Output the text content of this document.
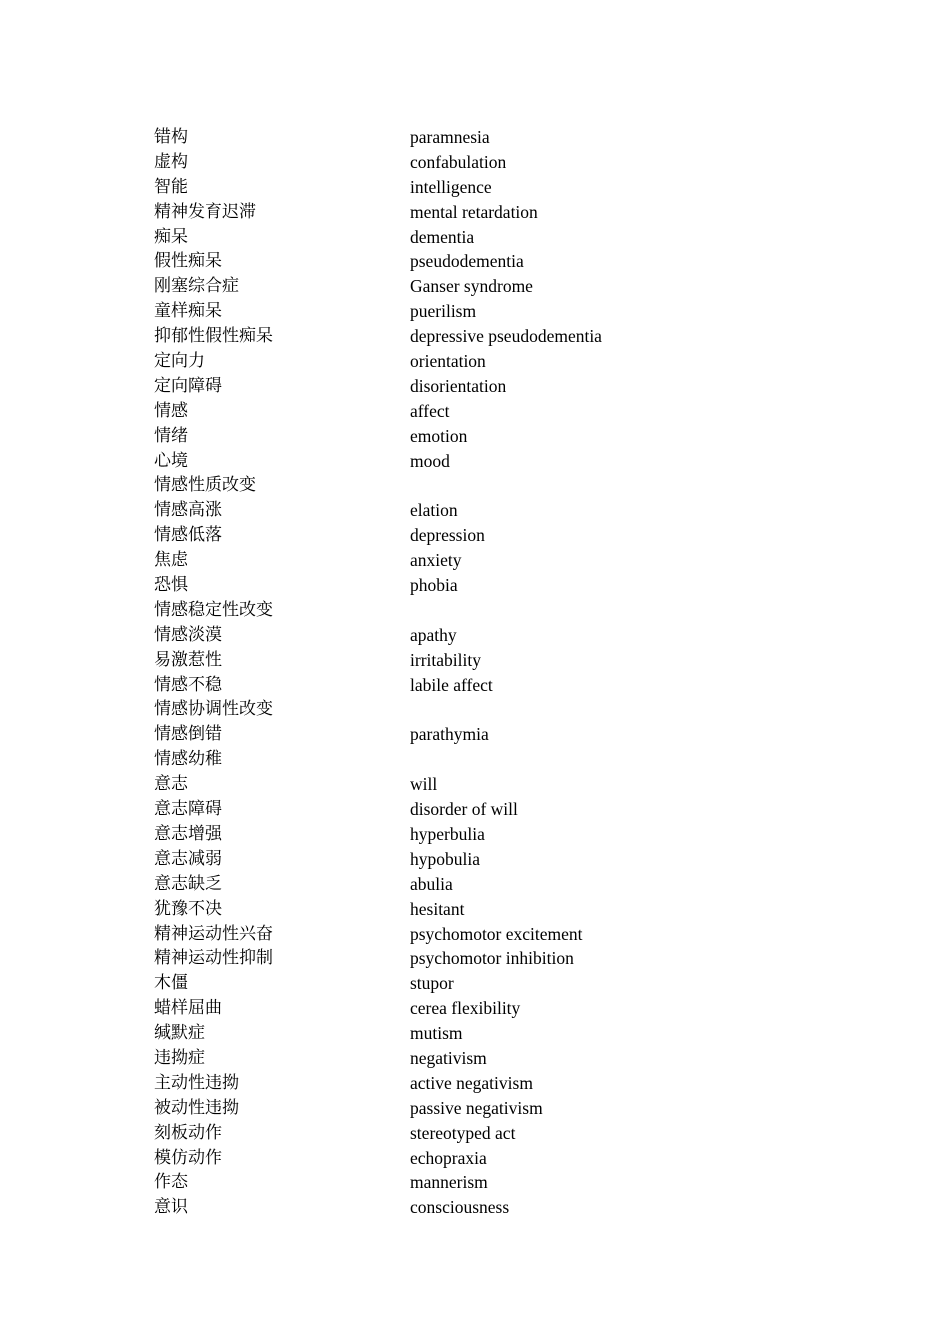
错构	paramnesia
虚构	confabulation
智能	intelligence
精神发育迟滞	mental retardation
痴呆	dementia
假性痴呆	pseudodementia
刚塞综合症	Ganser syndrome
童样痴呆	puerilism
抑郁性假性痴呆	depressive pseudodementia
定向力	orientation
定向障碍	disorientation
情感	affect
情绪	emotion
心境	mood
情感性质改变
情感高涨	elation
情感低落	depression
焦虑	anxiety
恐惧	phobia
情感稳定性改变
情感淡漠	apathy
易激惹性	irritability
情感不稳	labile affect
情感协调性改变
情感倒错	parathymia
情感幼稚
意志	will
意志障碍	disorder of will
意志增强	hyperbulia
意志减弱	hypobulia
意志缺乏	abulia
犹豫不决	hesitant
精神运动性兴奋	psychomotor excitement
精神运动性抑制	psychomotor inhibition
木僵	stupor
蜡样屈曲	cerea flexibility
缄默症	mutism
违拗症	negativism
主动性违拗	active negativism
被动性违拗	passive negativism
刻板动作	stereotyped act
模仿动作	echopraxia
作态	mannerism
意识	consciousness
